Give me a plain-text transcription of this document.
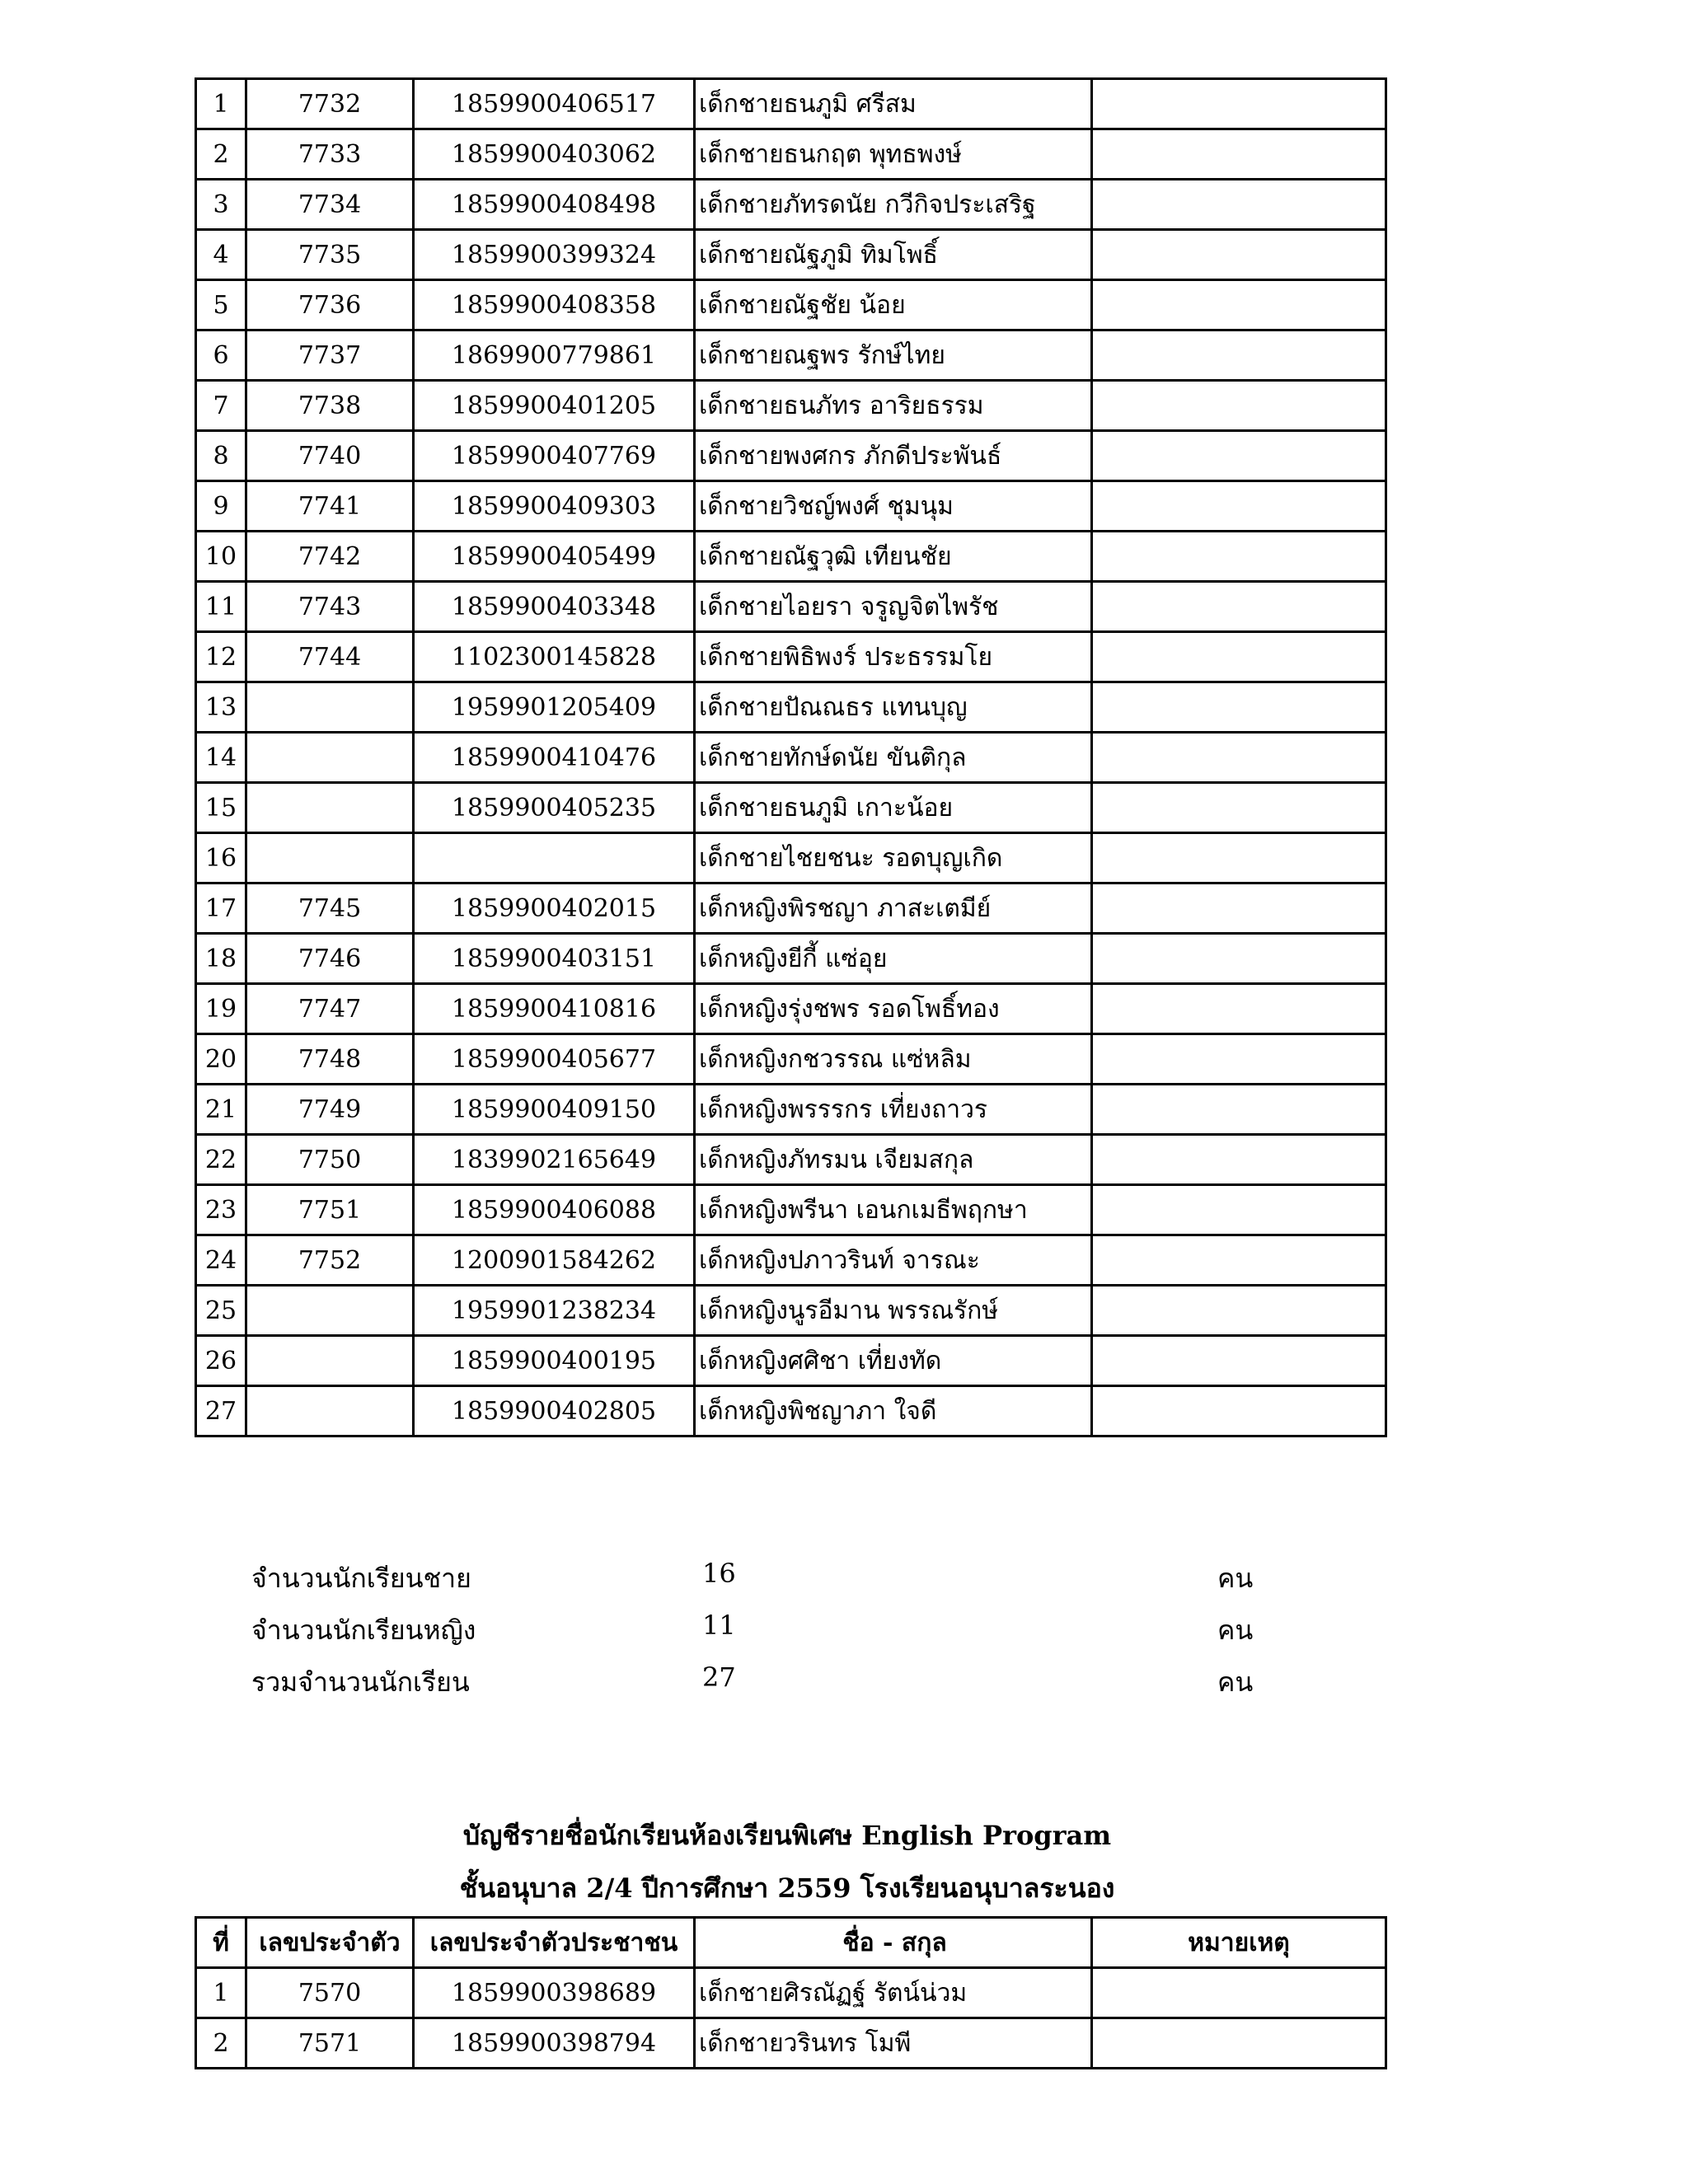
1	7732	1859900406517	เด็กชายธนภูมิ ศรีสม	
2	7733	1859900403062	เด็กชายธนกฤต พุทธพงษ์	
3	7734	1859900408498	เด็กชายภัทรดนัย กวีกิจประเสริฐ	
4	7735	1859900399324	เด็กชายณัฐภูมิ ทิมโพธิ์	
5	7736	1859900408358	เด็กชายณัฐชัย น้อย	
6	7737	1869900779861	เด็กชายณฐพร รักษ์ไทย	
7	7738	1859900401205	เด็กชายธนภัทร อาริยธรรม	
8	7740	1859900407769	เด็กชายพงศกร ภักดีประพันธ์	
9	7741	1859900409303	เด็กชายวิชญ์พงศ์ ชุมนุม	
10	7742	1859900405499	เด็กชายณัฐวุฒิ เทียนชัย	
11	7743	1859900403348	เด็กชายไอยรา จรูญจิตไพรัช	
12	7744	1102300145828	เด็กชายพิธิพงร์ ประธรรมโย	
13		1959901205409	เด็กชายปัณณธร แทนบุญ	
14		1859900410476	เด็กชายทักษ์ดนัย ขันติกุล	
15		1859900405235	เด็กชายธนภูมิ เกาะน้อย	
16			เด็กชายไชยชนะ รอดบุญเกิด	
17	7745	1859900402015	เด็กหญิงพิรชญา ภาสะเตมีย์	
18	7746	1859900403151	เด็กหญิงยีกี้ แซ่อุย	
19	7747	1859900410816	เด็กหญิงรุ่งชพร รอดโพธิ์ทอง	
20	7748	1859900405677	เด็กหญิงกชวรรณ แซ่หลิม	
21	7749	1859900409150	เด็กหญิงพรรรกร เที่ยงถาวร	
22	7750	1839902165649	เด็กหญิงภัทรมน เจียมสกุล	
23	7751	1859900406088	เด็กหญิงพรีนา เอนกเมธีพฤกษา	
24	7752	1200901584262	เด็กหญิงปภาวรินท์ จารณะ	
25		1959901238234	เด็กหญิงนูรอีมาน พรรณรักษ์	
26		1859900400195	เด็กหญิงศศิชา เที่ยงทัด	
27		1859900402805	เด็กหญิงพิชญาภา ใจดี	
จำนวนนักเรียนชาย	16	คน
จำนวนนักเรียนหญิง	11	คน
รวมจำนวนนักเรียน	27	คน
บัญชีรายชื่อนักเรียนห้องเรียนพิเศษ English Program
ชั้นอนุบาล 2/4 ปีการศึกษา 2559 โรงเรียนอนุบาลระนอง
ที่	เลขประจำตัว	เลขประจำตัวประชาชน	ชื่อ - สกุล	หมายเหตุ
1	7570	1859900398689	เด็กชายศิรณัฏฐ์ รัตน์น่วม	
2	7571	1859900398794	เด็กชายวรินทร โมพี	
